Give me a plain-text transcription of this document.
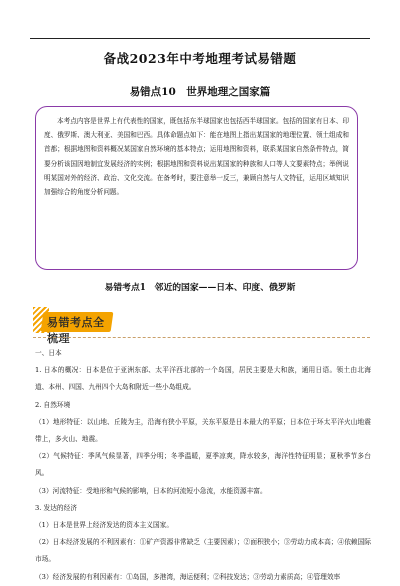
备战2023年中考地理考试易错题
易错点10　世界地理之国家篇
本考点内容是世界上有代表性的国家，既包括东半球国家也包括西半球国家。包括的国家有日本、印度、俄罗斯、澳大利亚、美国和巴西。具体命题点如下：能在地图上指出某国家的地理位置、领土组成和首都；根据地图和资料概况某国家自然环境的基本特点；运用地图和资料，联系某国家自然条件特点，简要分析该国因地制宜发展经济的实例；根据地图和资料说出某国家的种族和人口等人文要素特点；举例说明某国对外的经济、政治、文化交流。在备考时，要注意举一反三，兼顾自然与人文特征，运用区域知识加强综合的角度分析问题。
易错考点1　邻近的国家——日本、印度、俄罗斯
易错考点全梳理

一、日本

1. 日本的概况：日本是位于亚洲东部、太平洋西北部的一个岛国，居民主要是大和族，通用日语。领土由北海道、本州、四国、九州四个大岛和附近一些小岛组成。

2. 自然环境

（1）地形特征：以山地、丘陵为主，沿海有狭小平原，关东平原是日本最大的平原；日本位于环太平洋火山地震带上，多火山、地震。

（2）气候特征：季风气候显著，四季分明；冬季温暖，夏季凉爽，降水较多，海洋性特征明显；夏秋季节多台风。

（3）河流特征：受地形和气候的影响，日本的河流短小急流，水能资源丰富。

3. 发达的经济

（1）日本是世界上经济发达的资本主义国家。

（2）日本经济发展的不利因素有：①矿产资源非常缺乏（主要因素）；②面积狭小；③劳动力成本高；④依赖国际市场。

（3）经济发展的有利因素有：①岛国，多港湾，海运便利；②科技发达；③劳动力素质高；④管理效率
